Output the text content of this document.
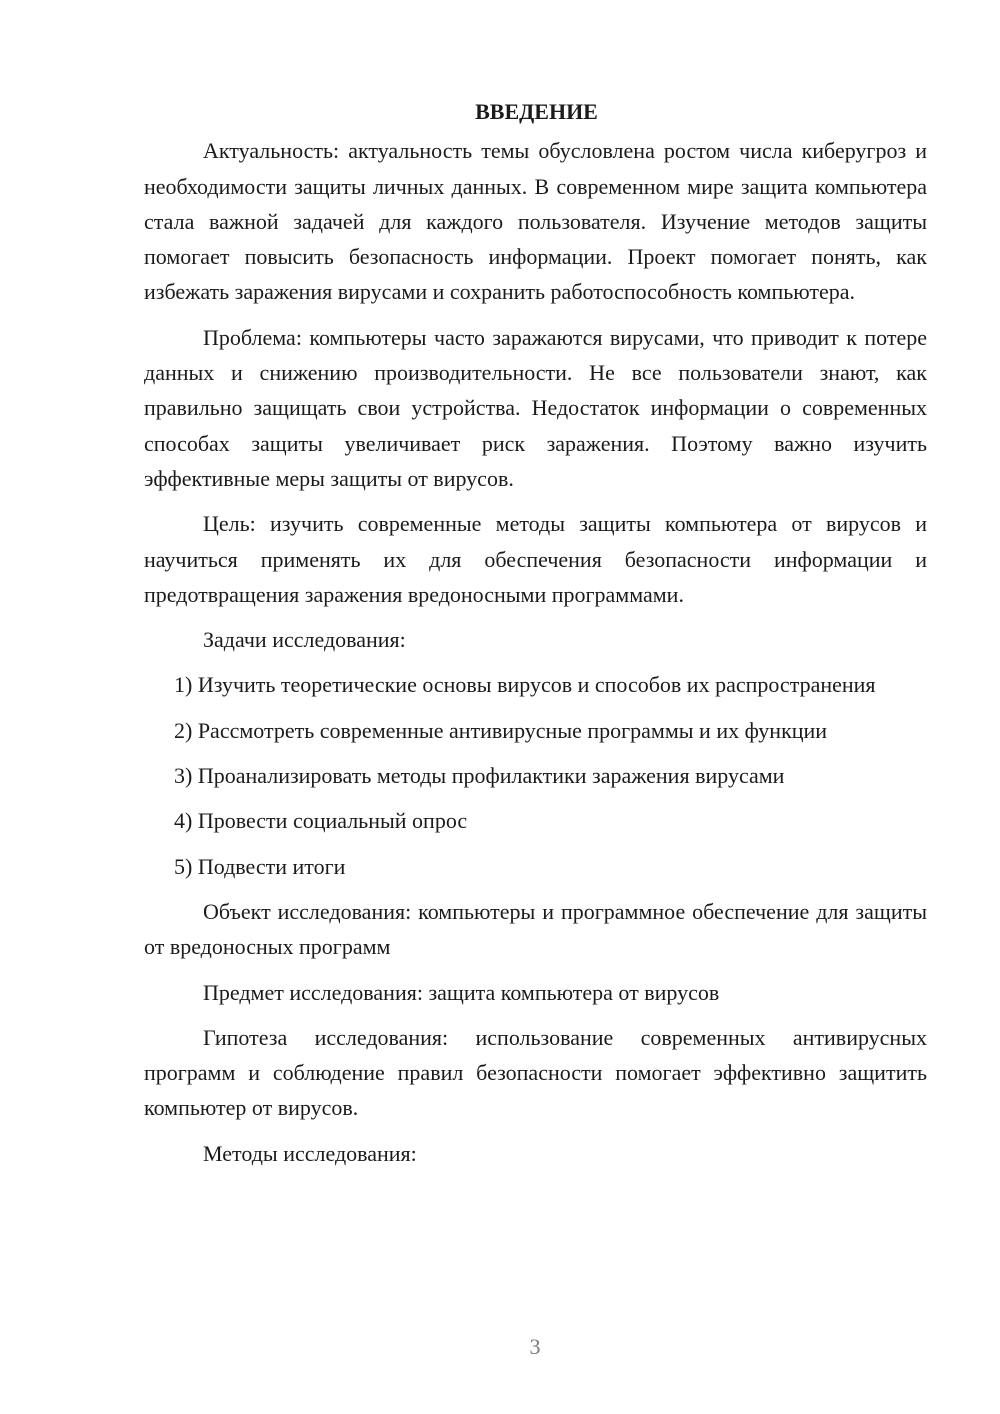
ВВЕДЕНИЕ

Актуальность: актуальность темы обусловлена ростом числа киберугроз и необходимости защиты личных данных. В современном мире защита компьютера стала важной задачей для каждого пользователя. Изучение методов защиты помогает повысить безопасность информации. Проект помогает понять, как избежать заражения вирусами и сохранить работоспособность компьютера.

Проблема: компьютеры часто заражаются вирусами, что приводит к потере данных и снижению производительности. Не все пользователи знают, как правильно защищать свои устройства. Недостаток информации о современных способах защиты увеличивает риск заражения. Поэтому важно изучить эффективные меры защиты от вирусов.

Цель: изучить современные методы защиты компьютера от вирусов и научиться применять их для обеспечения безопасности информации и предотвращения заражения вредоносными программами.

Задачи исследования:

1) Изучить теоретические основы вирусов и способов их распространения

2) Рассмотреть современные антивирусные программы и их функции

3) Проанализировать методы профилактики заражения вирусами

4) Провести социальный опрос

5) Подвести итоги

Объект исследования: компьютеры и программное обеспечение для защиты от вредоносных программ

Предмет исследования: защита компьютера от вирусов

Гипотеза исследования: использование современных антивирусных программ и соблюдение правил безопасности помогает эффективно защитить компьютер от вирусов.

Методы исследования:

3
